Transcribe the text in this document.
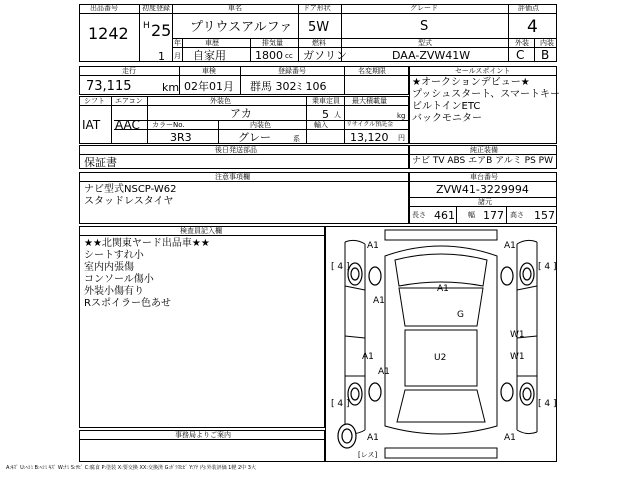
出品番号
1242
初度登録
H 25
年
1 月
車名
プリウスアルファ
ドア形状
5W
グレード
S
評価点
4
車歴
自家用
排気量
1800 cc
燃料
ガソリン
型式
DAA-ZVW41W
外装
C
内装
B
走行
73,115	km
車検
02年01月
登録番号
群馬 302ﾐ 106
名変期限	セールスポイント
★オークションデビュー★
プッシュスタート、スマートキー
ビルトインETC
バックモニター
シフト
IAT
エアコン
AAC
外装色
アカ
乗車定員
5 人
最大積載量
kg
カラーNo.
3R3
内装色
グレー	系
輸入	リサイクル預託金
13,120 円
後日発送部品
保証書
純正装備
ナビ TV ABS エアB アルミ PS PW
注意事項欄
ナビ型式NSCP-W62
スタッドレスタイヤ
車台番号
ZVW41-3229994
諸元
長さ 461 幅 177 高さ 157
検査員記入欄
★★北関東ヤード出品車★★
シートすれ小
室内内張傷
コンソール傷小
外装小傷有り
Rスポイラー色あせ
事務局よりご案内
A1	A1
[ 4 ]	[ 4 ]
A1
A1
G
W1
A1	U2	W1
A1
[ 4 ]	[ 4 ]
A1	A1
[レス]
A:ｷｽﾞ U:ﾍｺﾐ B:ﾍｺﾐ ｷｽﾞ W:ﾅﾐ S:ｻﾋﾞ C:腐食 P:塗装 X:要交換 XX:交換済 G:ｶﾞﾗｽﾋﾋﾞ Y:ｱﾅ 内:外装評価 1軽 2中 3大
